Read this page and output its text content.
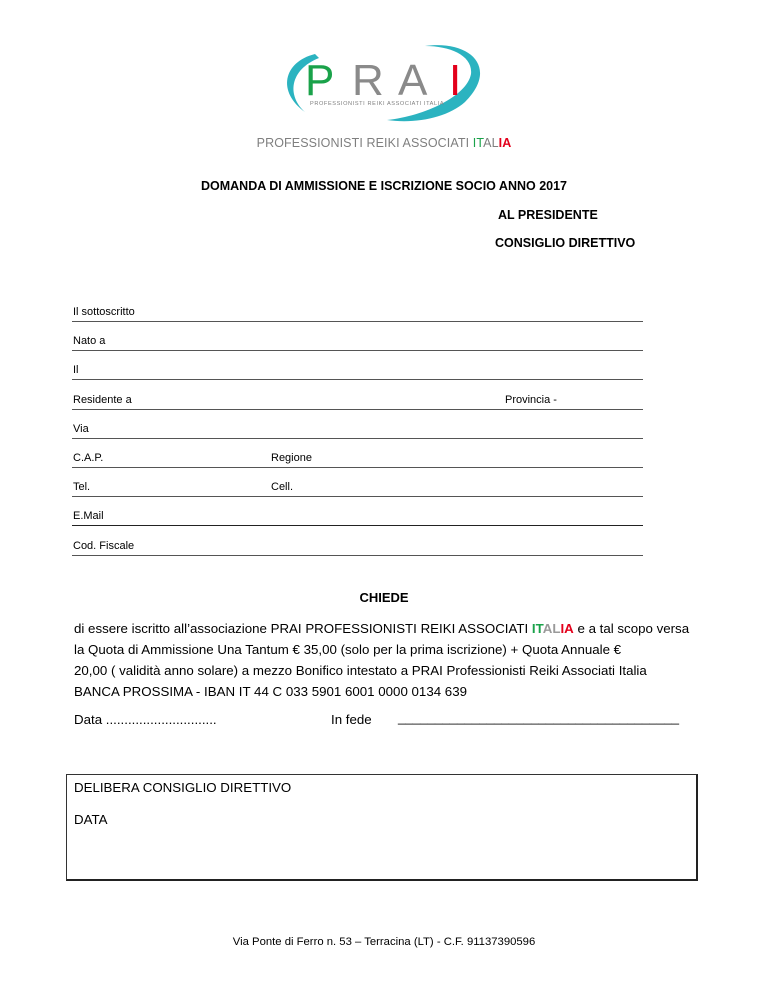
P R A I
PROFESSIONISTI REIKI ASSOCIATI ITALIA
PROFESSIONISTI REIKI ASSOCIATI ITALIA
DOMANDA DI AMMISSIONE E ISCRIZIONE SOCIO ANNO 2017
AL PRESIDENTE
CONSIGLIO DIRETTIVO
Il sottoscritto
Nato a
Il
Residente a	Provincia -
Via
C.A.P.	Regione
Tel.	Cell.
E.Mail
Cod. Fiscale
CHIEDE
di essere iscritto all’associazione PRAI PROFESSIONISTI REIKI ASSOCIATI ITALIA e a tal scopo versa
la Quota di Ammissione Una Tantum € 35,00 (solo per la prima iscrizione) + Quota Annuale €
20,00 ( validità anno solare) a mezzo Bonifico intestato a PRAI Professionisti Reiki Associati Italia
BANCA PROSSIMA - IBAN IT 44 C 033 5901 6001 0000 0134 639
Data ..............................	In fede ______________________________________
DELIBERA CONSIGLIO DIRETTIVO
DATA
Via Ponte di Ferro n. 53 – Terracina (LT) - C.F. 91137390596
